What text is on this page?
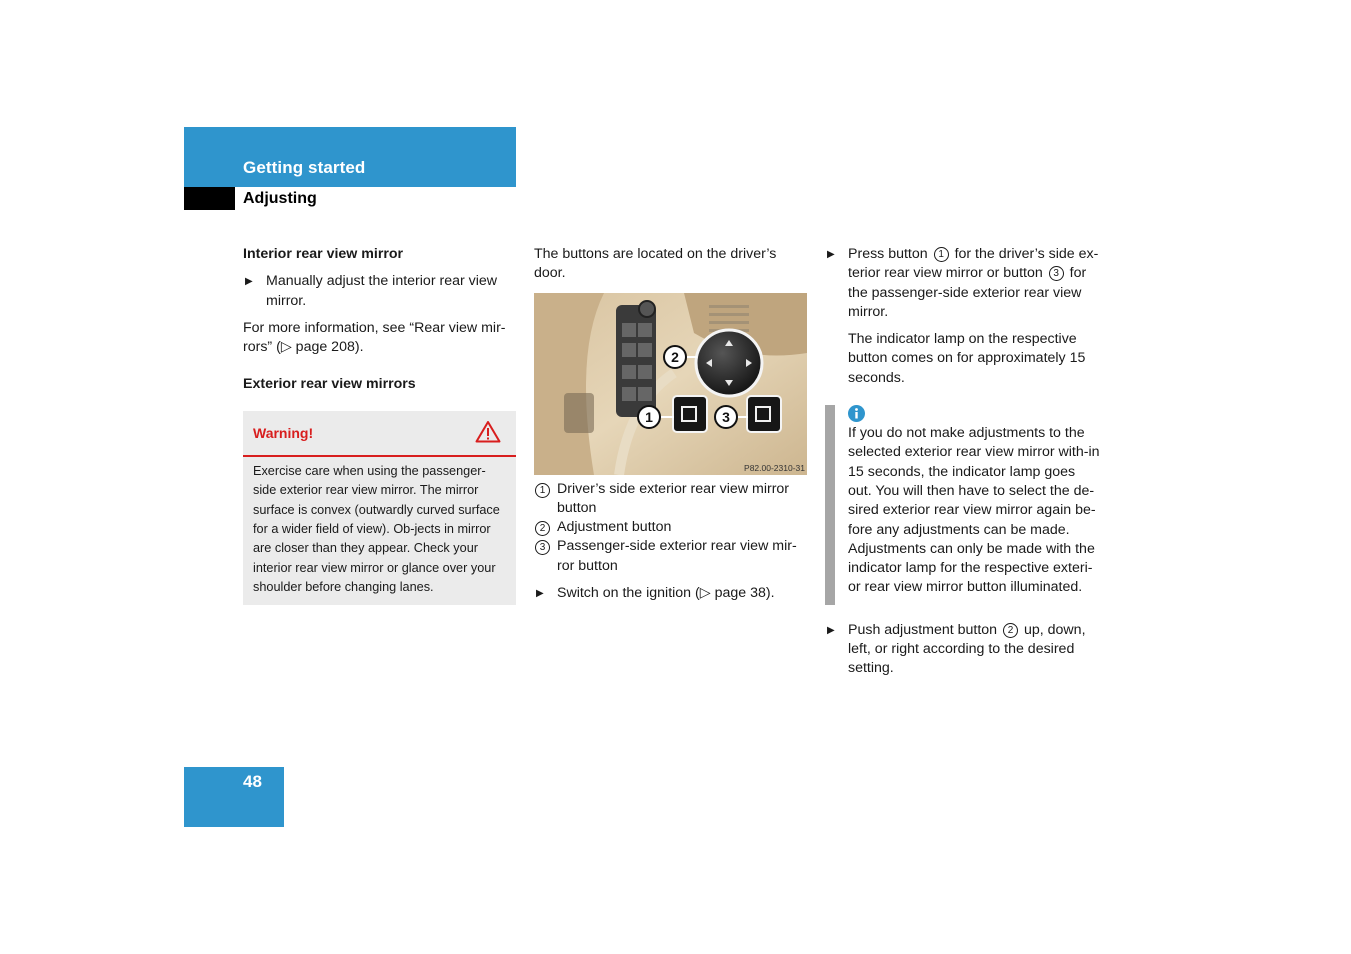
Getting started
Adjusting

Interior rear view mirror

▶ Manually adjust the interior rear view mirror.

For more information, see “Rear view mir-rors” (▷ page 208).

Exterior rear view mirrors

Warning!
Exercise care when using the passenger-side exterior rear view mirror. The mirror surface is convex (outwardly curved surface for a wider field of view). Ob-jects in mirror are closer than they appear. Check your interior rear view mirror or glance over your shoulder before changing lanes.

The buttons are located on the driver’s door.

1
2
3
P82.00-2310-31
1 Driver’s side exterior rear view mirror button
2 Adjustment button
3 Passenger-side exterior rear view mir-ror button
▶ Switch on the ignition (▷ page 38).
▶ Press button 1 for the driver’s side ex-terior rear view mirror or button 3 for the passenger-side exterior rear view mirror.

The indicator lamp on the respective button comes on for approximately 15 seconds.

If you do not make adjustments to the selected exterior rear view mirror with-in 15 seconds, the indicator lamp goes out. You will then have to select the de-sired exterior rear view mirror again be-fore any adjustments can be made. Adjustments can only be made with the indicator lamp for the respective exteri-or rear view mirror button illuminated.

▶ Push adjustment button 2 up, down, left, or right according to the desired setting.
48
